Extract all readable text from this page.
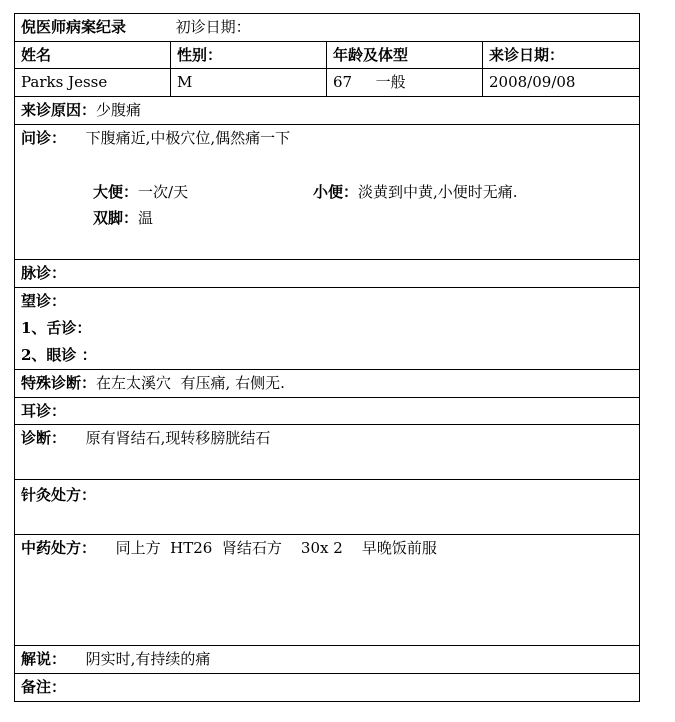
倪医师病案纪录	初诊日期：
姓名	性别：	年龄及体型	来诊日期：
Parks Jesse	M	67 一般	2008/09/08
来诊原因：少腹痛
问诊： 下腹痛近,中极穴位,偶然痛一下
大便：一次/天	小便：淡黄到中黄,小便时无痛.
双脚：温
脉诊：
望诊：
1、舌诊：
2、眼诊 ：
特殊诊断：在左太溪穴  有压痛, 右侧无.
耳诊：
诊断： 原有肾结石,现转移膀胱结石
针灸处方：
中药处方： 同上方  HT26  肾结石方    30x 2    早晚饭前服
解说： 阴实时,有持续的痛
备注：
